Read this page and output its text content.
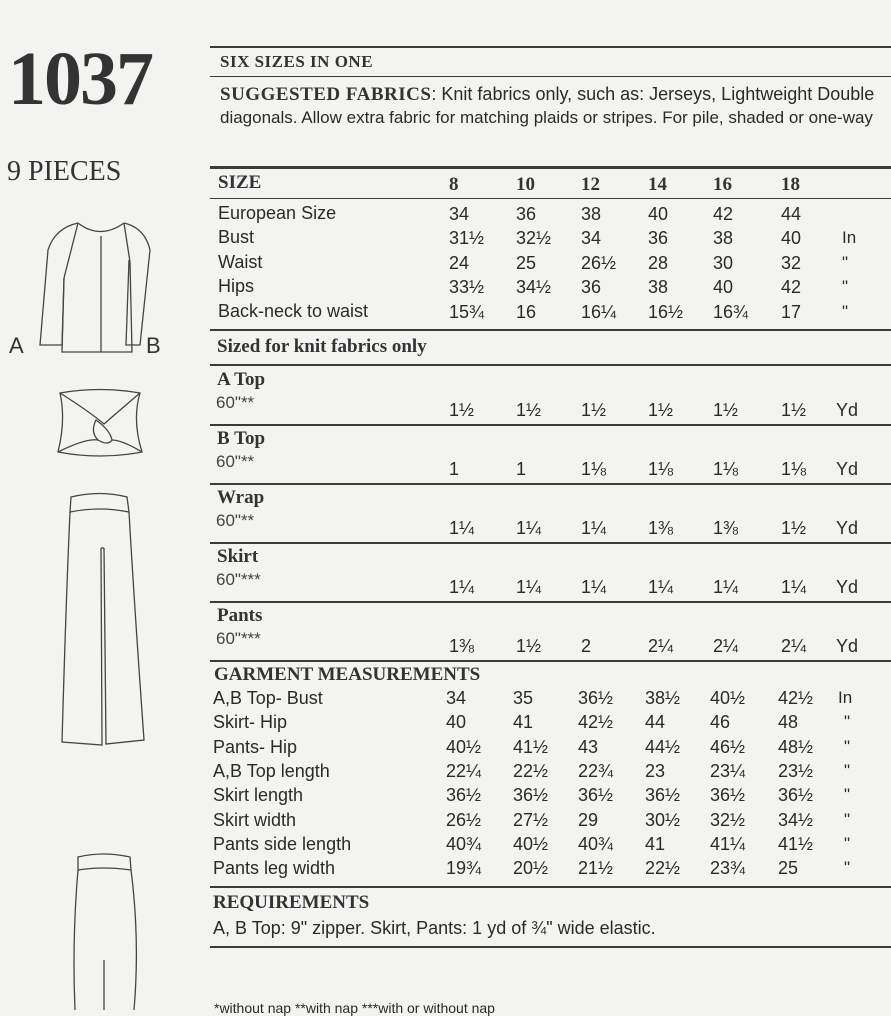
1037
9 PIECES
A	B
SIX SIZES IN ONE
SUGGESTED FABRICS: Knit fabrics only, such as: Jerseys, Lightweight Double
diagonals. Allow extra fabric for matching plaids or stripes. For pile, shaded or one-way
SIZE	8	10 12	14 16	18
European Size	34	36 38	40 42	44
Bust	31½ 32½ 34	36 38	40 In
Waist	24	25 26½ 28 30	32 "
Hips	33½ 34½ 36	38 40	42 "
Back-neck to waist	15¾ 16 16¼ 16½ 16¾ 17 "
Sized for knit fabrics only
A Top
60"**	1½ 1½ 1½ 1½ 1½ 1½ Yd
B Top
60"**	1	1	1⅛ 1⅛ 1⅛ 1⅛ Yd
Wrap
60"**	1¼ 1¼ 1¼ 1⅜ 1⅜ 1½ Yd
Skirt
60"***	1¼ 1¼ 1¼ 1¼ 1¼ 1¼ Yd
Pants
60"***	1⅜ 1½ 2	2¼ 2¼ 2¼ Yd
GARMENT MEASUREMENTS
A,B Top- Bust	34	35 36½ 38½ 40½ 42½ In
Skirt- Hip	40	41 42½ 44 46	48	"
Pants- Hip	40½ 41½ 43	44½ 46½ 48½ "
A,B Top length	22¼ 22½ 22¾ 23 23¼ 23½ "
Skirt length	36½ 36½ 36½ 36½ 36½ 36½ "
Skirt width	26½ 27½ 29	30½ 32½ 34½ "
Pants side length	40¾ 40½ 40¾ 41 41¼ 41½ "
Pants leg width	19¾ 20½ 21½ 22½ 23¾ 25	"
REQUIREMENTS
A, B Top: 9" zipper. Skirt, Pants: 1 yd of ¾" wide elastic.
*without nap **with nap ***with or without nap
